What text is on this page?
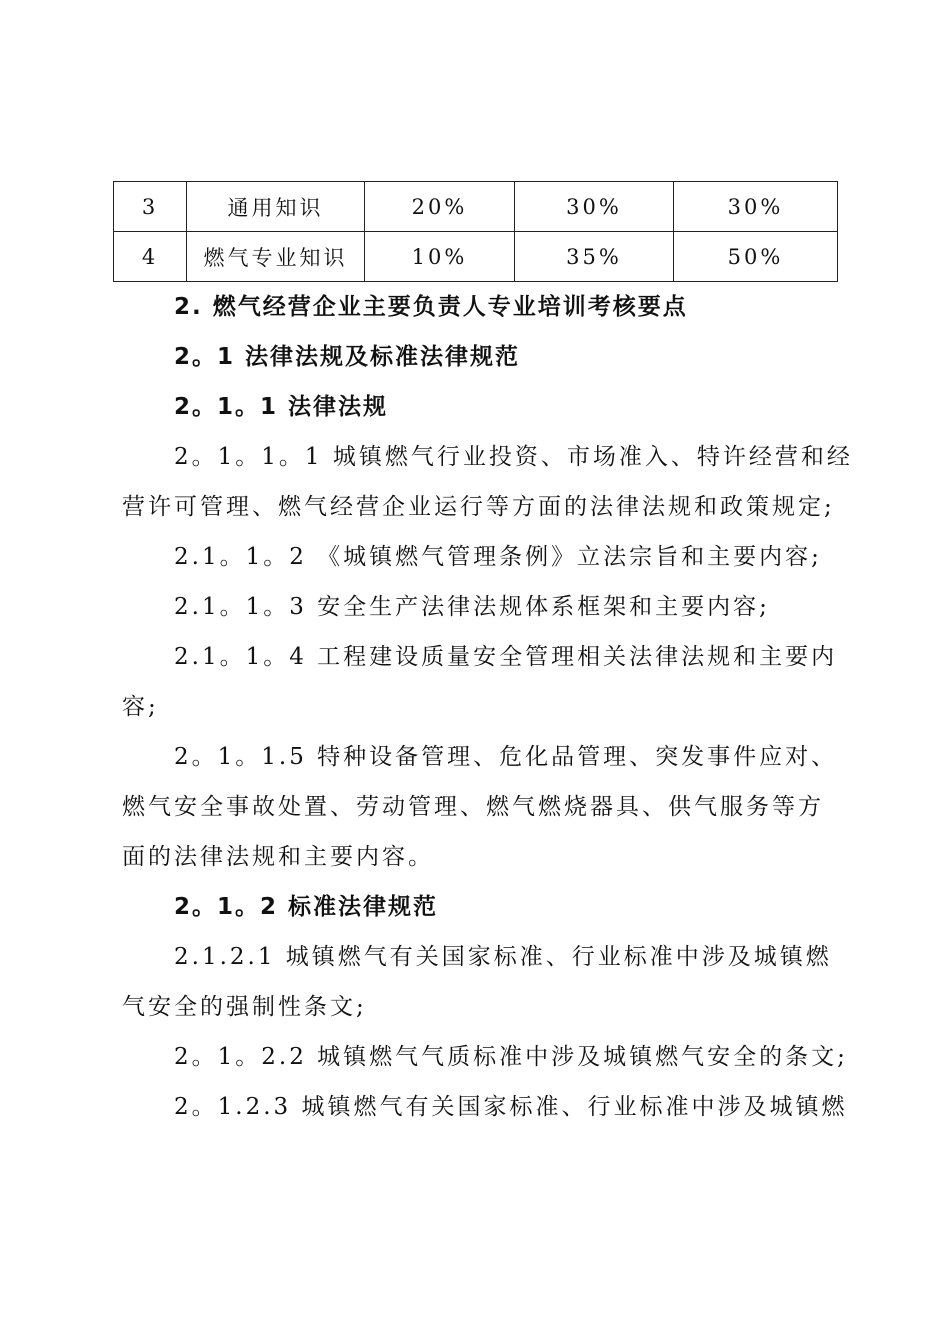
3	通用知识	20%	30%	30%
4	燃气专业知识	10%	35%	50%
2. 燃气经营企业主要负责人专业培训考核要点
2。1 法律法规及标准法律规范
2。1。1 法律法规
2。1。1。1 城镇燃气行业投资、市场准入、特许经营和经
营许可管理、燃气经营企业运行等方面的法律法规和政策规定;
2.1。1。2 《城镇燃气管理条例》立法宗旨和主要内容;
2.1。1。3 安全生产法律法规体系框架和主要内容;
2.1。1。4 工程建设质量安全管理相关法律法规和主要内
容;
2。1。1.5 特种设备管理、危化品管理、突发事件应对、
燃气安全事故处置、劳动管理、燃气燃烧器具、供气服务等方
面的法律法规和主要内容。
2。1。2 标准法律规范
2.1.2.1 城镇燃气有关国家标准、行业标准中涉及城镇燃
气安全的强制性条文;
2。1。2.2 城镇燃气气质标准中涉及城镇燃气安全的条文;
2。1.2.3 城镇燃气有关国家标准、行业标准中涉及城镇燃
